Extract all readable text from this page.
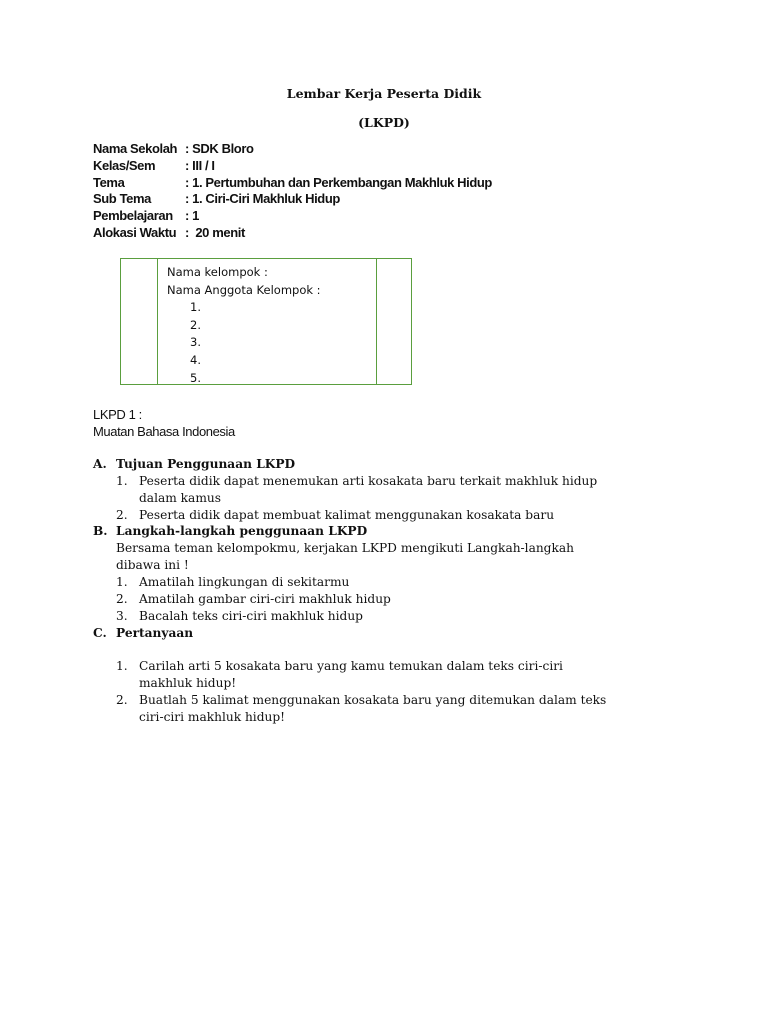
Lembar Kerja Peserta Didik
(LKPD)
Nama Sekolah : SDK Bloro
Kelas/Sem	: III / I
Tema	: 1. Pertumbuhan dan Perkembangan Makhluk Hidup
Sub Tema	: 1. Ciri-Ciri Makhluk Hidup
Pembelajaran : 1
Alokasi Waktu :  20 menit
Nama kelompok :
Nama Anggota Kelompok :
1.
2.
3.
4.
5.
LKPD 1 :
Muatan Bahasa Indonesia
A. Tujuan Penggunaan LKPD
1. Peserta didik dapat menemukan arti kosakata baru terkait makhluk hidup
dalam kamus
2. Peserta didik dapat membuat kalimat menggunakan kosakata baru
B. Langkah-langkah penggunaan LKPD
Bersama teman kelompokmu, kerjakan LKPD mengikuti Langkah-langkah
dibawa ini !
1. Amatilah lingkungan di sekitarmu
2. Amatilah gambar ciri-ciri makhluk hidup
3. Bacalah teks ciri-ciri makhluk hidup
C. Pertanyaan
1. Carilah arti 5 kosakata baru yang kamu temukan dalam teks ciri-ciri
makhluk hidup!
2. Buatlah 5 kalimat menggunakan kosakata baru yang ditemukan dalam teks
ciri-ciri makhluk hidup!
